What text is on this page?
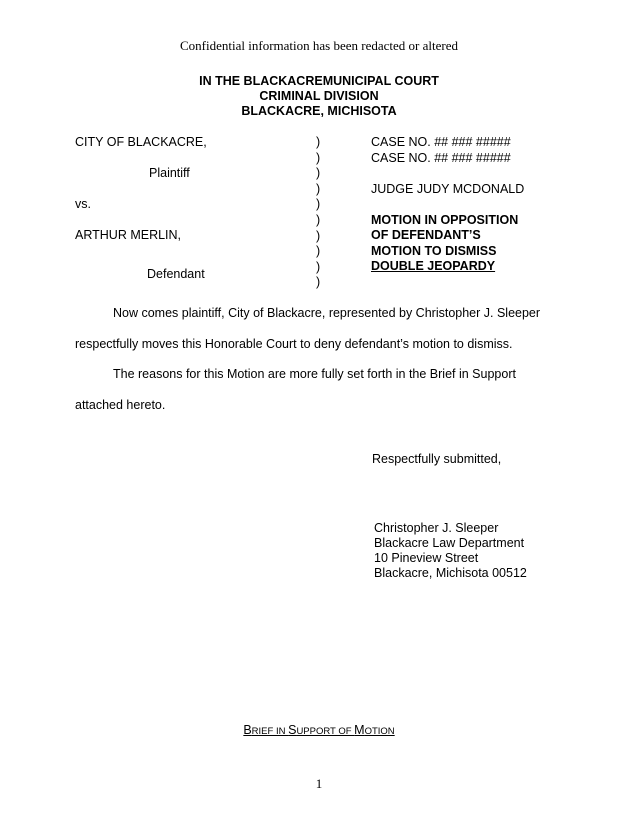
Confidential information has been redacted or altered
IN THE BLACKACREMUNICIPAL COURT
CRIMINAL DIVISION
BLACKACRE, MICHISOTA
CITY OF BLACKACRE,
Plaintiff
vs.
ARTHUR MERLIN,
Defendant
)
)
)
)
)
)
)
)
)
)
CASE NO. ## ### #####
CASE NO. ## ### #####
JUDGE JUDY MCDONALD
MOTION IN OPPOSITION
OF DEFENDANT’S
MOTION TO DISMISS
DOUBLE JEOPARDY
Now comes plaintiff, City of Blackacre, represented by Christopher J. Sleeper
respectfully moves this Honorable Court to deny defendant’s motion to dismiss.
The reasons for this Motion are more fully set forth in the Brief in Support
attached hereto.
Respectfully submitted,
Christopher J. Sleeper
Blackacre Law Department
10 Pineview Street
Blackacre, Michisota 00512
BRIEF IN SUPPORT OF MOTION
1
